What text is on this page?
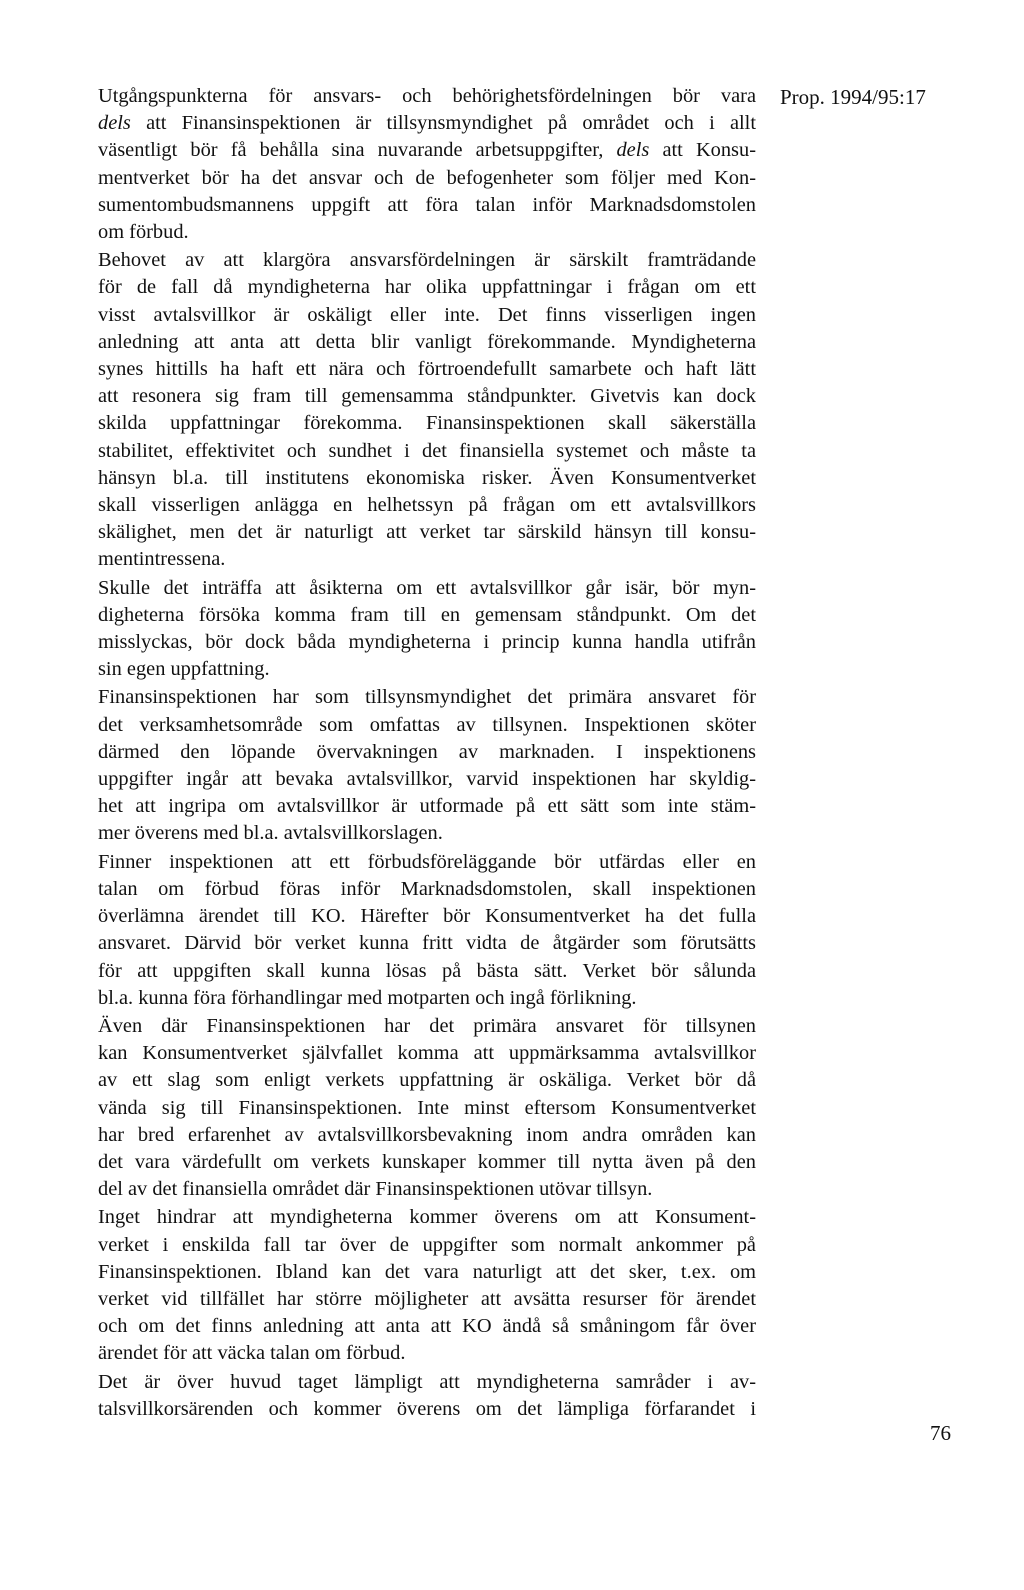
Prop. 1994/95:17

Utgångspunkterna för ansvars- och behörighetsfördelningen bör vara
dels att Finansinspektionen är tillsynsmyndighet på området och i allt
väsentligt bör få behålla sina nuvarande arbetsuppgifter, dels att Konsu-
mentverket bör ha det ansvar och de befogenheter som följer med Kon-
sumentombudsmannens uppgift att föra talan inför Marknadsdomstolen
om förbud.

Behovet av att klargöra ansvarsfördelningen är särskilt framträdande
för de fall då myndigheterna har olika uppfattningar i frågan om ett
visst avtalsvillkor är oskäligt eller inte. Det finns visserligen ingen
anledning att anta att detta blir vanligt förekommande. Myndigheterna
synes hittills ha haft ett nära och förtroendefullt samarbete och haft lätt
att resonera sig fram till gemensamma ståndpunkter. Givetvis kan dock
skilda uppfattningar förekomma. Finansinspektionen skall säkerställa
stabilitet, effektivitet och sundhet i det finansiella systemet och måste ta
hänsyn bl.a. till institutens ekonomiska risker. Även Konsumentverket
skall visserligen anlägga en helhetssyn på frågan om ett avtalsvillkors
skälighet, men det är naturligt att verket tar särskild hänsyn till konsu-
mentintressena.

Skulle det inträffa att åsikterna om ett avtalsvillkor går isär, bör myn-
digheterna försöka komma fram till en gemensam ståndpunkt. Om det
misslyckas, bör dock båda myndigheterna i princip kunna handla utifrån
sin egen uppfattning.

Finansinspektionen har som tillsynsmyndighet det primära ansvaret för
det verksamhetsområde som omfattas av tillsynen. Inspektionen sköter
därmed den löpande övervakningen av marknaden. I inspektionens
uppgifter ingår att bevaka avtalsvillkor, varvid inspektionen har skyldig-
het att ingripa om avtalsvillkor är utformade på ett sätt som inte stäm-
mer överens med bl.a. avtalsvillkorslagen.

Finner inspektionen att ett förbudsföreläggande bör utfärdas eller en
talan om förbud föras inför Marknadsdomstolen, skall inspektionen
överlämna ärendet till KO. Härefter bör Konsumentverket ha det fulla
ansvaret. Därvid bör verket kunna fritt vidta de åtgärder som förutsätts
för att uppgiften skall kunna lösas på bästa sätt. Verket bör sålunda
bl.a. kunna föra förhandlingar med motparten och ingå förlikning.

Även där Finansinspektionen har det primära ansvaret för tillsynen
kan Konsumentverket självfallet komma att uppmärksamma avtalsvillkor
av ett slag som enligt verkets uppfattning är oskäliga. Verket bör då
vända sig till Finansinspektionen. Inte minst eftersom Konsumentverket
har bred erfarenhet av avtalsvillkorsbevakning inom andra områden kan
det vara värdefullt om verkets kunskaper kommer till nytta även på den
del av det finansiella området där Finansinspektionen utövar tillsyn.

Inget hindrar att myndigheterna kommer överens om att Konsument-
verket i enskilda fall tar över de uppgifter som normalt ankommer på
Finansinspektionen. Ibland kan det vara naturligt att det sker, t.ex. om
verket vid tillfället har större möjligheter att avsätta resurser för ärendet
och om det finns anledning att anta att KO ändå så småningom får över
ärendet för att väcka talan om förbud.

Det är över huvud taget lämpligt att myndigheterna samråder i av-
talsvillkorsärenden och kommer överens om det lämpliga förfarandet i

76
